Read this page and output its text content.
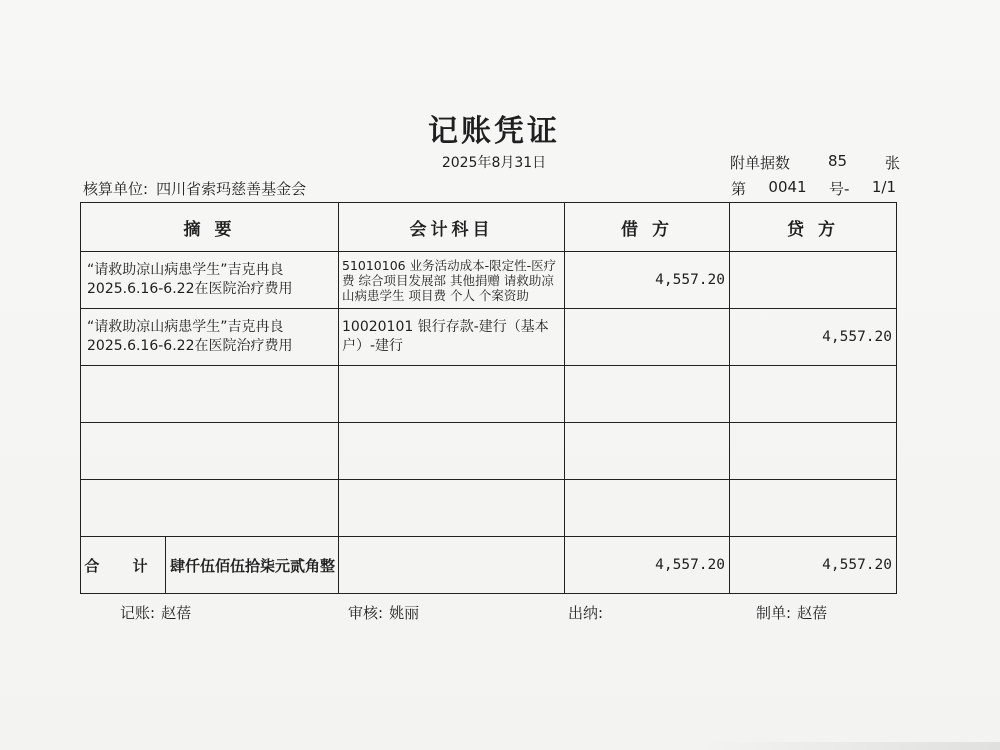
记账凭证
2025年8月31日	附单据数	85	张
核算单位: 四川省索玛慈善基金会	第 0041 号- 1/1
摘 要	会计科目	借 方	贷 方
“请救助凉山病患学生”吉克冉良2025.6.16-6.22在医院治疗费用	51010106 业务活动成本-限定性-医疗费 综合项目发展部 其他捐赠 请救助凉山病患学生 项目费 个人 个案资助	4,557.20	
“请救助凉山病患学生”吉克冉良2025.6.16-6.22在医院治疗费用	10020101 银行存款-建行（基本户）-建行		4,557.20

合 计 肆仟伍佰伍拾柒元贰角整		4,557.20	4,557.20
记账: 赵蓓	审核: 姚丽	出纳:	制单: 赵蓓
